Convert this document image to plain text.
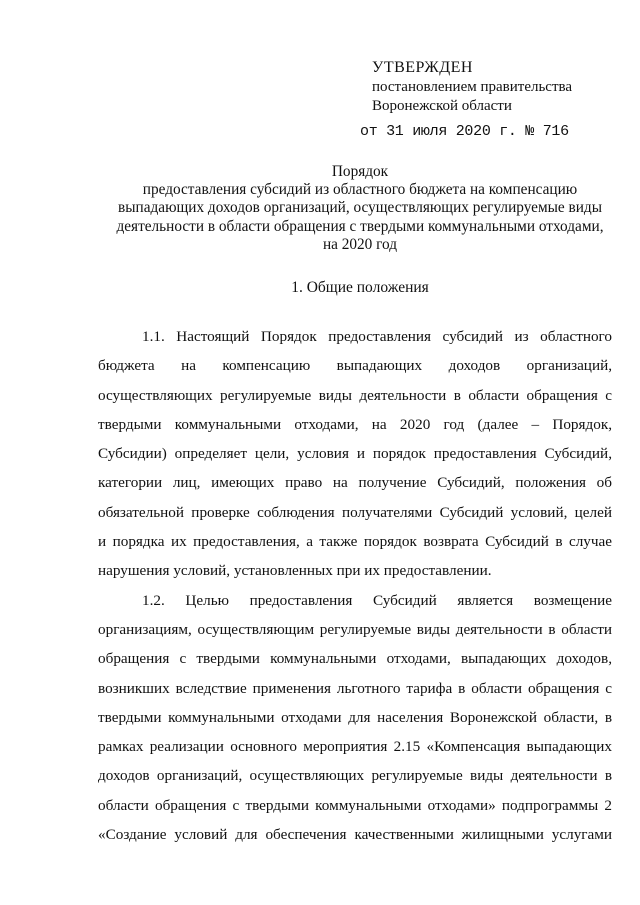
УТВЕРЖДЕН
постановлением правительства
Воронежской области
от 31 июля 2020 г. № 716
Порядок
предоставления субсидий из областного бюджета на компенсацию
выпадающих доходов организаций, осуществляющих регулируемые виды
деятельности в области обращения с твердыми коммунальными отходами,
на 2020 год
1. Общие положения
1.1. Настоящий Порядок предоставления субсидий из областного
бюджета на компенсацию выпадающих доходов организаций,
осуществляющих регулируемые виды деятельности в области обращения с
твердыми коммунальными отходами, на 2020 год (далее – Порядок,
Субсидии) определяет цели, условия и порядок предоставления Субсидий,
категории лиц, имеющих право на получение Субсидий, положения об
обязательной проверке соблюдения получателями Субсидий условий, целей
и порядка их предоставления, а также порядок возврата Субсидий в случае
нарушения условий, установленных при их предоставлении.
1.2. Целью предоставления Субсидий является возмещение
организациям, осуществляющим регулируемые виды деятельности в области
обращения с твердыми коммунальными отходами, выпадающих доходов,
возникших вследствие применения льготного тарифа в области обращения с
твердыми коммунальными отходами для населения Воронежской области, в
рамках реализации основного мероприятия 2.15 «Компенсация выпадающих
доходов организаций, осуществляющих регулируемые виды деятельности в
области обращения с твердыми коммунальными отходами» подпрограммы 2
«Создание условий для обеспечения качественными жилищными услугами
